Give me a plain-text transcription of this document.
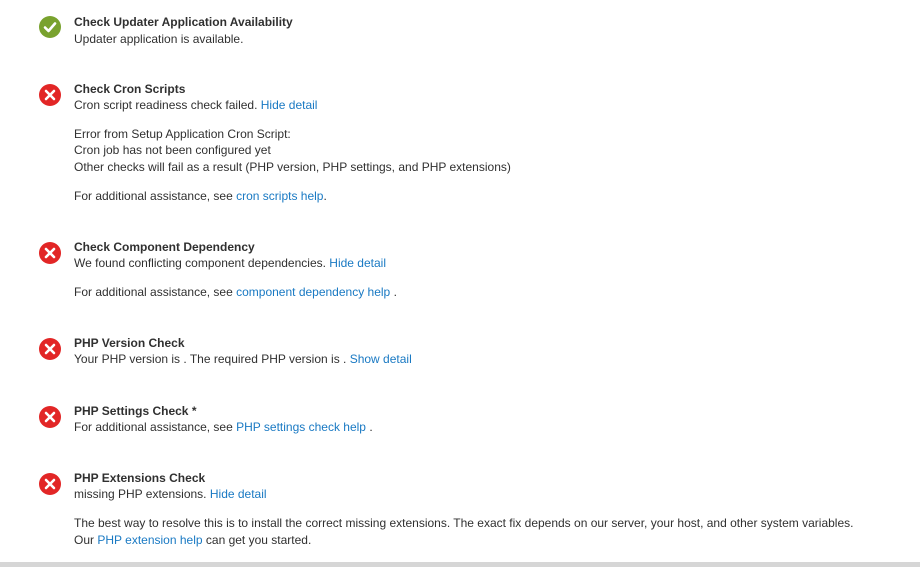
Check Updater Application Availability
Updater application is available.
Check Cron Scripts
Cron script readiness check failed. Hide detail
Error from Setup Application Cron Script:
Cron job has not been configured yet
Other checks will fail as a result (PHP version, PHP settings, and PHP extensions)
For additional assistance, see cron scripts help.
Check Component Dependency
We found conflicting component dependencies. Hide detail
For additional assistance, see component dependency help .
PHP Version Check
Your PHP version is . The required PHP version is . Show detail
PHP Settings Check *
For additional assistance, see PHP settings check help .
PHP Extensions Check
missing PHP extensions. Hide detail
The best way to resolve this is to install the correct missing extensions. The exact fix depends on our server, your host, and other system variables.
Our PHP extension help can get you started.
